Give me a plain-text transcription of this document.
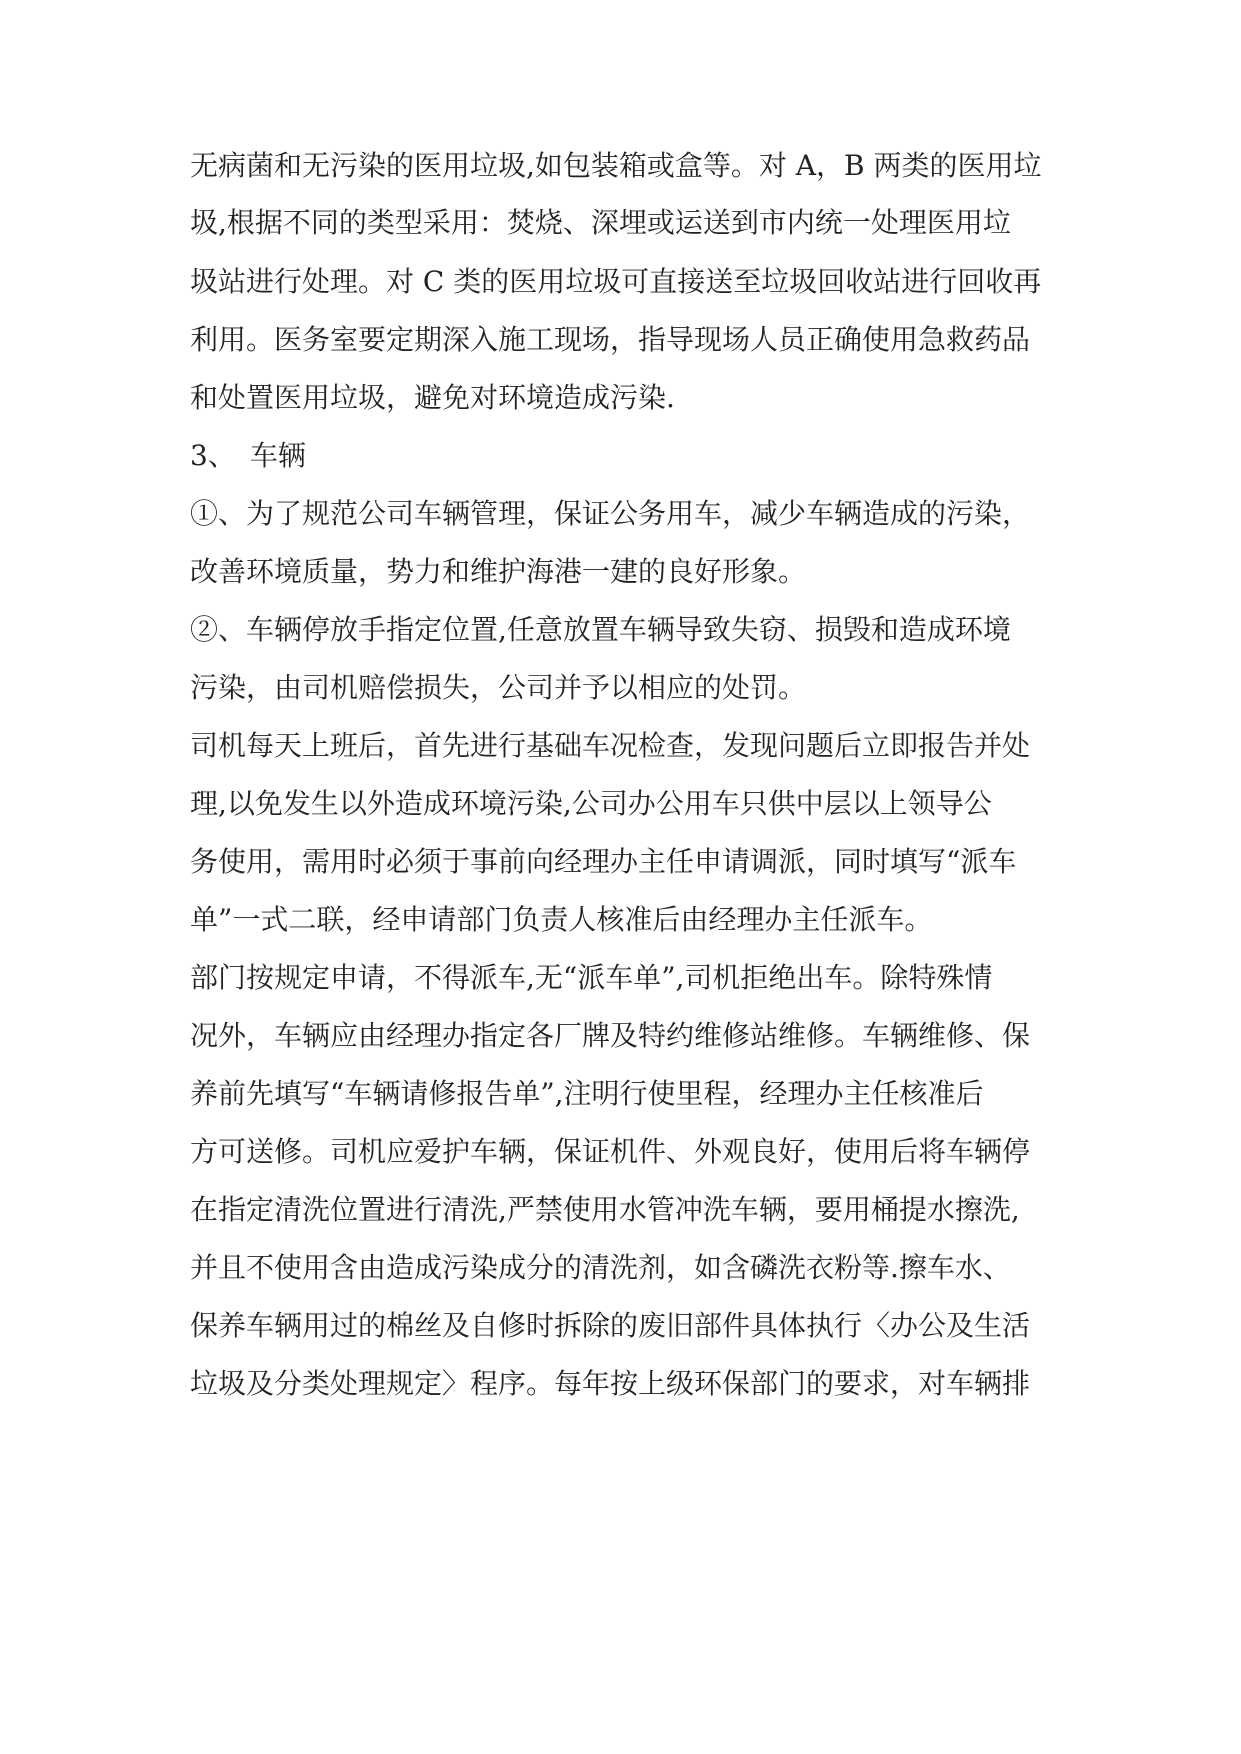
无病菌和无污染的医用垃圾,如包装箱或盒等。对 A，B 两类的医用垃
圾,根据不同的类型采用：焚烧、深埋或运送到市内统一处理医用垃
圾站进行处理。对 C 类的医用垃圾可直接送至垃圾回收站进行回收再
利用。医务室要定期深入施工现场，指导现场人员正确使用急救药品
和处置医用垃圾，避免对环境造成污染.
3、　车辆
①、为了规范公司车辆管理，保证公务用车，减少车辆造成的污染，
改善环境质量，势力和维护海港一建的良好形象。
②、车辆停放手指定位置,任意放置车辆导致失窃、损毁和造成环境
污染，由司机赔偿损失，公司并予以相应的处罚。
司机每天上班后，首先进行基础车况检查，发现问题后立即报告并处
理,以免发生以外造成环境污染,公司办公用车只供中层以上领导公
务使用，需用时必须于事前向经理办主任申请调派，同时填写“派车
单”一式二联，经申请部门负责人核准后由经理办主任派车。
部门按规定申请，不得派车,无“派车单”,司机拒绝出车。除特殊情
况外，车辆应由经理办指定各厂牌及特约维修站维修。车辆维修、保
养前先填写“车辆请修报告单”,注明行使里程，经理办主任核准后
方可送修。司机应爱护车辆，保证机件、外观良好，使用后将车辆停
在指定清洗位置进行清洗,严禁使用水管冲洗车辆，要用桶提水擦洗,
并且不使用含由造成污染成分的清洗剂，如含磷洗衣粉等.擦车水、
保养车辆用过的棉丝及自修时拆除的废旧部件具体执行〈办公及生活
垃圾及分类处理规定〉程序。每年按上级环保部门的要求，对车辆排
